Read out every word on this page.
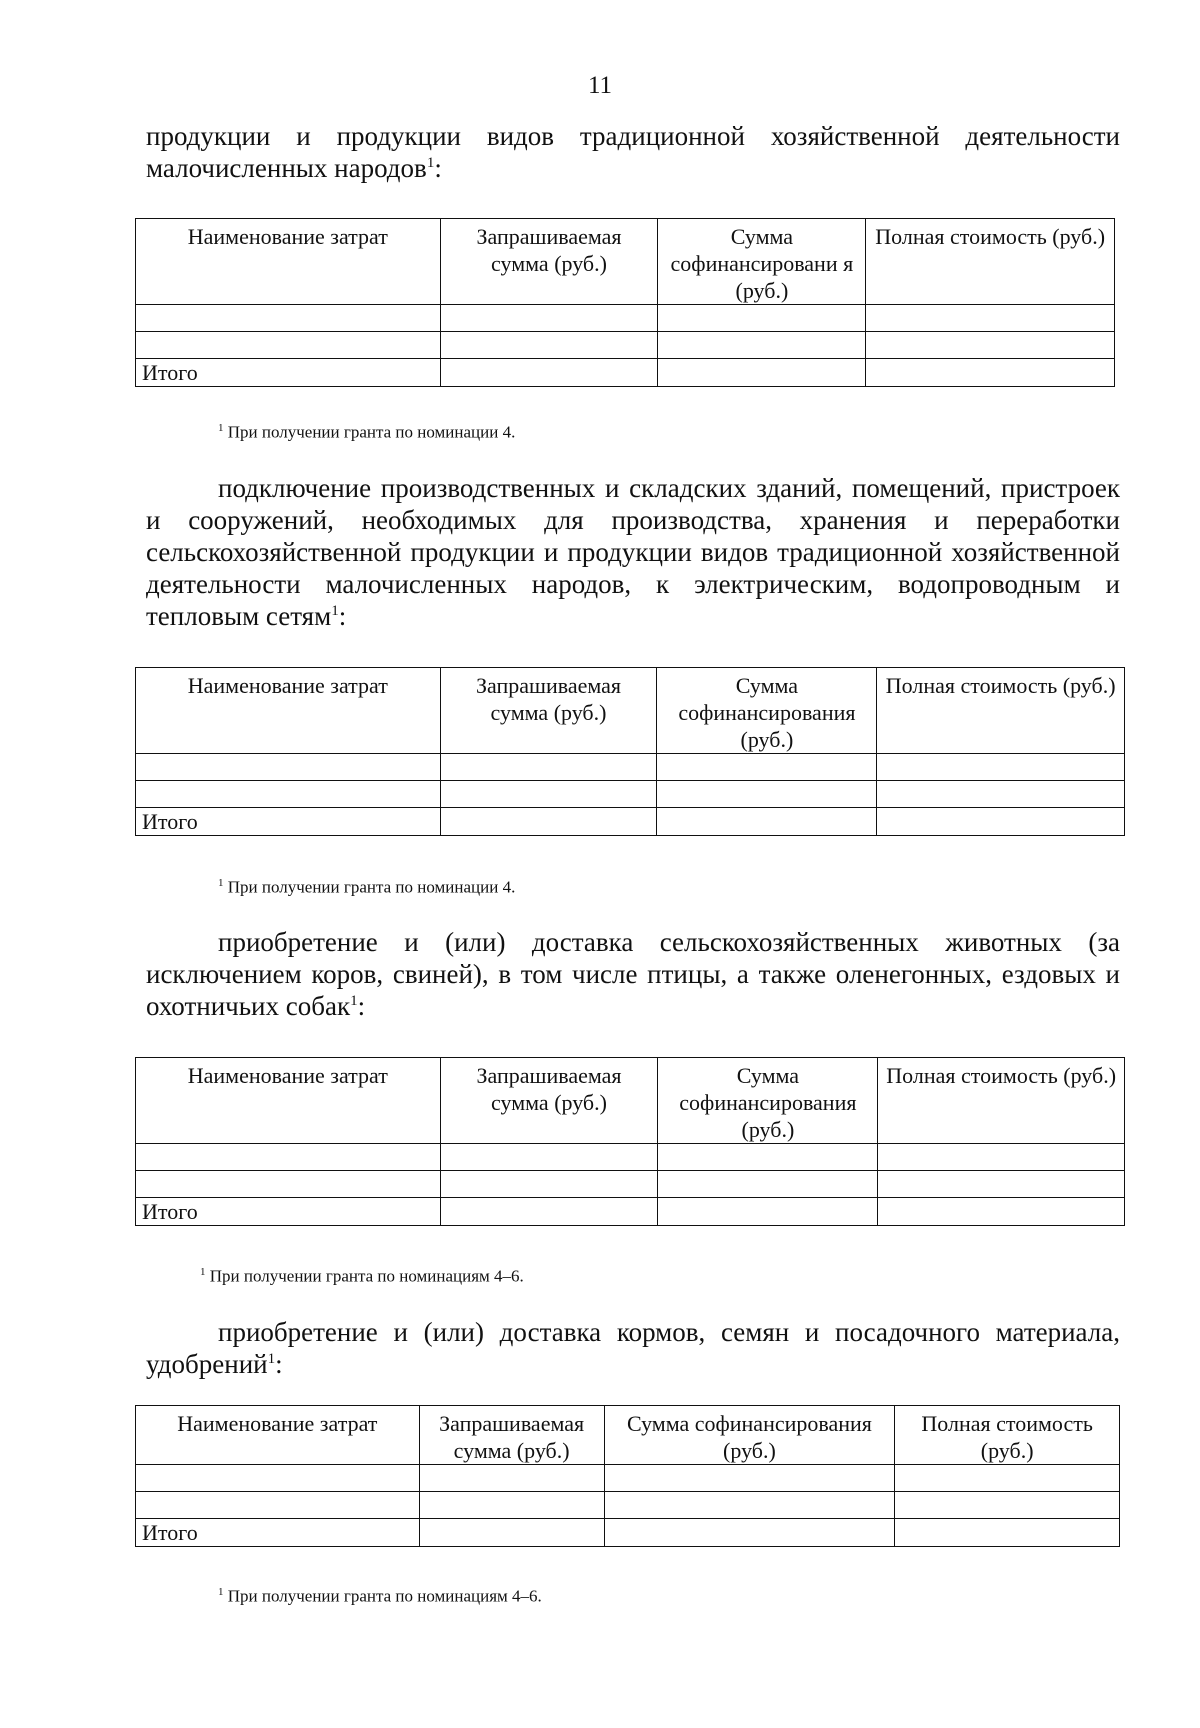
11

продукции и продукции видов традиционной хозяйственной деятельности малочисленных народов$^1$:

Наименование затрат	Запрашиваемая сумма (руб.)	Сумма софинансировани я (руб.)	Полная стоимость (руб.)

Итого			
$^1$ При получении гранта по номинации 4.

подключение производственных и складских зданий, помещений, пристроек и сооружений, необходимых для производства, хранения и переработки сельскохозяйственной продукции и продукции видов традиционной хозяйственной деятельности малочисленных народов, к электрическим, водопроводным и тепловым сетям$^1$:

Наименование затрат	Запрашиваемая сумма (руб.)	Сумма софинансирования (руб.)	Полная стоимость (руб.)

Итого			
$^1$ При получении гранта по номинации 4.

приобретение и (или) доставка сельскохозяйственных животных (за исключением коров, свиней), в том числе птицы, а также оленегонных, ездовых и охотничьих собак$^1$:

Наименование затрат	Запрашиваемая сумма (руб.)	Сумма софинансирования (руб.)	Полная стоимость (руб.)

Итого			
$^1$ При получении гранта по номинациям 4–6.

приобретение и (или) доставка кормов, семян и посадочного материала, удобрений$^1$:

Наименование затрат	Запрашиваемая сумма (руб.)	Сумма софинансирования (руб.)	Полная стоимость (руб.)

Итого			
$^1$ При получении гранта по номинациям 4–6.
